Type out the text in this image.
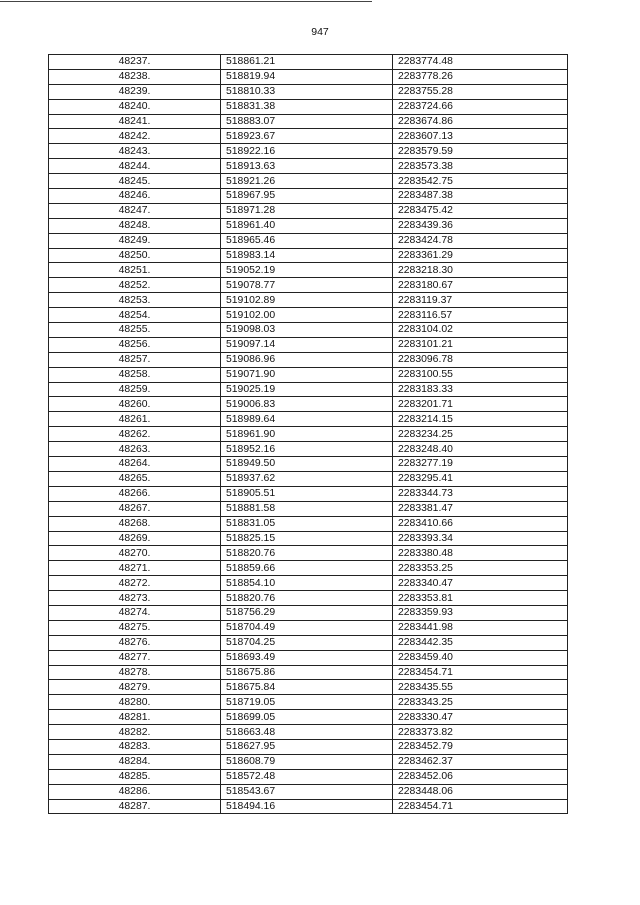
947
48237.	518861.21	2283774.48
48238.	518819.94	2283778.26
48239.	518810.33	2283755.28
48240.	518831.38	2283724.66
48241.	518883.07	2283674.86
48242.	518923.67	2283607.13
48243.	518922.16	2283579.59
48244.	518913.63	2283573.38
48245.	518921.26	2283542.75
48246.	518967.95	2283487.38
48247.	518971.28	2283475.42
48248.	518961.40	2283439.36
48249.	518965.46	2283424.78
48250.	518983.14	2283361.29
48251.	519052.19	2283218.30
48252.	519078.77	2283180.67
48253.	519102.89	2283119.37
48254.	519102.00	2283116.57
48255.	519098.03	2283104.02
48256.	519097.14	2283101.21
48257.	519086.96	2283096.78
48258.	519071.90	2283100.55
48259.	519025.19	2283183.33
48260.	519006.83	2283201.71
48261.	518989.64	2283214.15
48262.	518961.90	2283234.25
48263.	518952.16	2283248.40
48264.	518949.50	2283277.19
48265.	518937.62	2283295.41
48266.	518905.51	2283344.73
48267.	518881.58	2283381.47
48268.	518831.05	2283410.66
48269.	518825.15	2283393.34
48270.	518820.76	2283380.48
48271.	518859.66	2283353.25
48272.	518854.10	2283340.47
48273.	518820.76	2283353.81
48274.	518756.29	2283359.93
48275.	518704.49	2283441.98
48276.	518704.25	2283442.35
48277.	518693.49	2283459.40
48278.	518675.86	2283454.71
48279.	518675.84	2283435.55
48280.	518719.05	2283343.25
48281.	518699.05	2283330.47
48282.	518663.48	2283373.82
48283.	518627.95	2283452.79
48284.	518608.79	2283462.37
48285.	518572.48	2283452.06
48286.	518543.67	2283448.06
48287.	518494.16	2283454.71
